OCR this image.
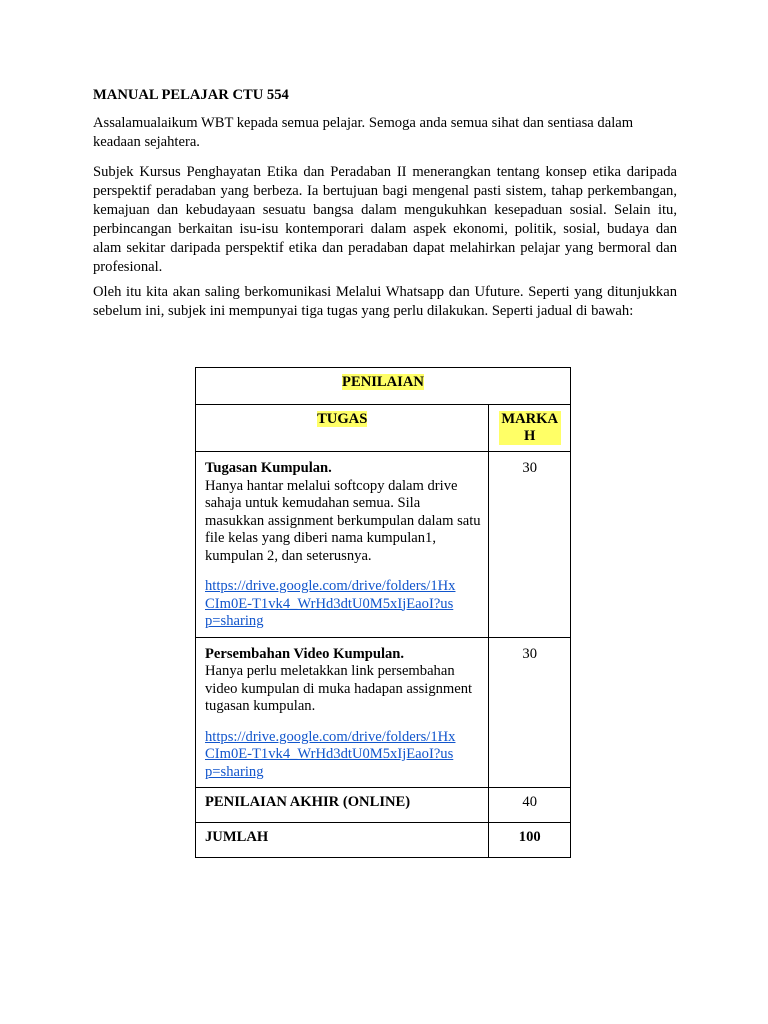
MANUAL PELAJAR CTU 554

Assalamualaikum WBT kepada semua pelajar. Semoga anda semua sihat dan sentiasa dalam keadaan sejahtera.

Subjek Kursus Penghayatan Etika dan Peradaban II menerangkan tentang konsep etika daripada perspektif peradaban yang berbeza. Ia bertujuan bagi mengenal pasti sistem, tahap perkembangan, kemajuan dan kebudayaan sesuatu bangsa dalam mengukuhkan kesepaduan sosial. Selain itu, perbincangan berkaitan isu-isu kontemporari dalam aspek ekonomi, politik, sosial, budaya dan alam sekitar daripada perspektif etika dan peradaban dapat melahirkan pelajar yang bermoral dan profesional.

Oleh itu kita akan saling berkomunikasi Melalui Whatsapp dan Ufuture. Seperti yang ditunjukkan sebelum ini, subjek ini mempunyai tiga tugas yang perlu dilakukan. Seperti jadual di bawah:

PENILAIAN	
TUGAS	MARKAH

Tugasan Kumpulan.

Hanya hantar melalui softcopy dalam drive sahaja untuk kemudahan semua. Sila masukkan assignment berkumpulan dalam satu file kelas yang diberi nama kumpulan1, kumpulan 2, dan seterusnya.

https://drive.google.com/drive/folders/1HxCIm0E-T1vk4_WrHd3dtU0M5xIjEaoI?usp=sharing	30

Persembahan Video Kumpulan.

Hanya perlu meletakkan link persembahan video kumpulan di muka hadapan assignment tugasan kumpulan.

https://drive.google.com/drive/folders/1HxCIm0E-T1vk4_WrHd3dtU0M5xIjEaoI?usp=sharing	30
PENILAIAN AKHIR (ONLINE)	40
JUMLAH	100
